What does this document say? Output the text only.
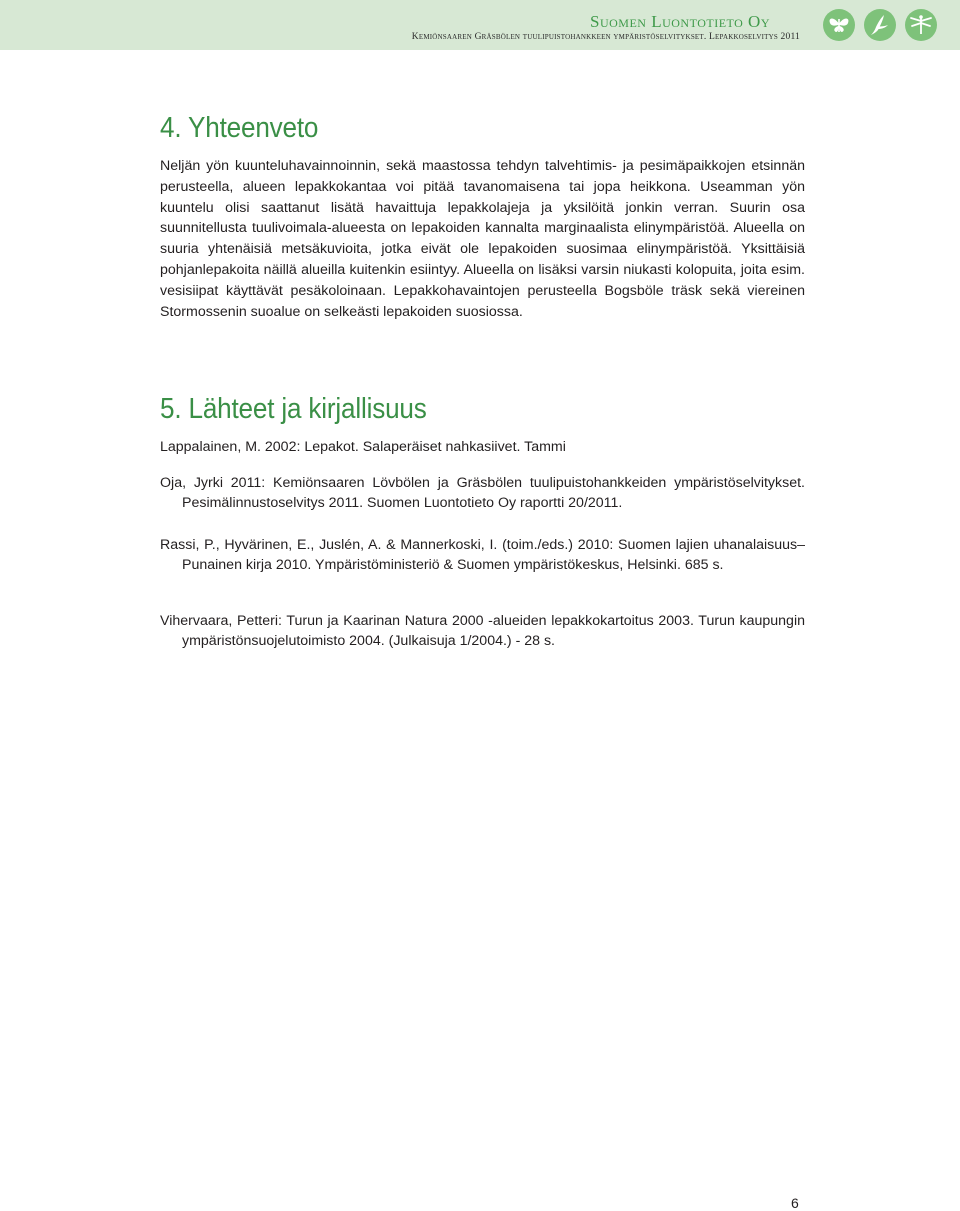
Suomen Luontotieto Oy
Kemiönsaaren Gräsbölen tuulipuistohankkeen ympäristöselvitykset. Lepakkoselvitys 2011
4. Yhteenveto

Neljän yön kuunteluhavainnoinnin, sekä maastossa tehdyn talvehtimis- ja pesimäpaikkojen etsinnän perusteella, alueen lepakkokantaa voi pitää tavanomaisena tai jopa heikkona. Useamman yön kuuntelu olisi saattanut lisätä havaittuja lepakkolajeja ja yksilöitä jonkin verran. Suurin osa suunnitellusta tuulivoimala-alueesta on lepakoiden kannalta marginaalista elinympäristöä. Alueella on suuria yhtenäisiä metsäkuvioita, jotka eivät ole lepakoiden suosimaa elinympäristöä. Yksittäisiä pohjanlepakoita näillä alueilla kuitenkin esiintyy. Alueella on lisäksi varsin niukasti kolopuita, joita esim. vesisiipat käyttävät pesäkoloinaan. Lepakkohavaintojen perusteella Bogsböle träsk sekä viereinen Stormossenin suoalue on selkeästi lepakoiden suosiossa.

5. Lähteet ja kirjallisuus

Lappalainen, M. 2002: Lepakot. Salaperäiset nahkasiivet. Tammi

Oja, Jyrki 2011: Kemiönsaaren Lövbölen ja Gräsbölen tuulipuistohankkeiden ympäristöselvitykset. Pesimälinnustoselvitys 2011. Suomen Luontotieto Oy raportti 20/2011.

Rassi, P., Hyvärinen, E., Juslén, A. & Mannerkoski, I. (toim./eds.) 2010: Suomen lajien uhanalaisuus– Punainen kirja 2010. Ympäristöministeriö & Suomen ympäristökeskus, Helsinki. 685 s.

Vihervaara, Petteri: Turun ja Kaarinan Natura 2000 -alueiden lepakkokartoitus 2003. Turun kaupungin ympäristönsuojelutoimisto 2004. (Julkaisuja 1/2004.) - 28 s.

6
